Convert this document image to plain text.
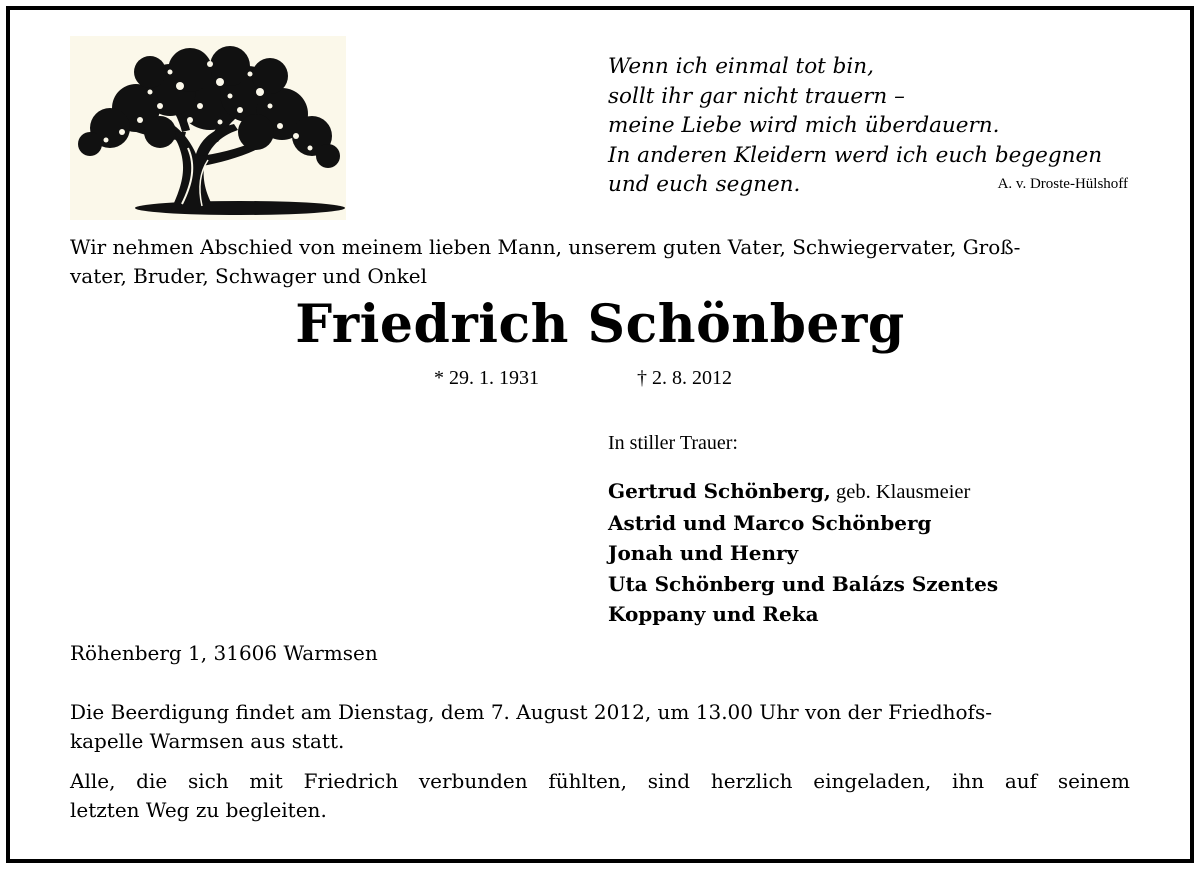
Wenn ich einmal tot bin,
sollt ihr gar nicht trauern –
meine Liebe wird mich überdauern.
In anderen Kleidern werd ich euch begegnen
und euch segnen.	A. v. Droste-Hülshoff
Wir nehmen Abschied von meinem lieben Mann, unserem guten Vater, Schwiegervater, Groß-
vater, Bruder, Schwager und Onkel
Friedrich Schönberg
* 29. 1. 1931	† 2. 8. 2012
In stiller Trauer:
Gertrud Schönberg, geb. Klausmeier
Astrid und Marco Schönberg
Jonah und Henry
Uta Schönberg und Balázs Szentes
Koppany und Reka
Röhenberg 1, 31606 Warmsen
Die Beerdigung findet am Dienstag, dem 7. August 2012, um 13.00 Uhr von der Friedhofs-
kapelle Warmsen aus statt.
Alle, die sich mit Friedrich verbunden fühlten, sind herzlich eingeladen, ihn auf seinem
letzten Weg zu begleiten.
